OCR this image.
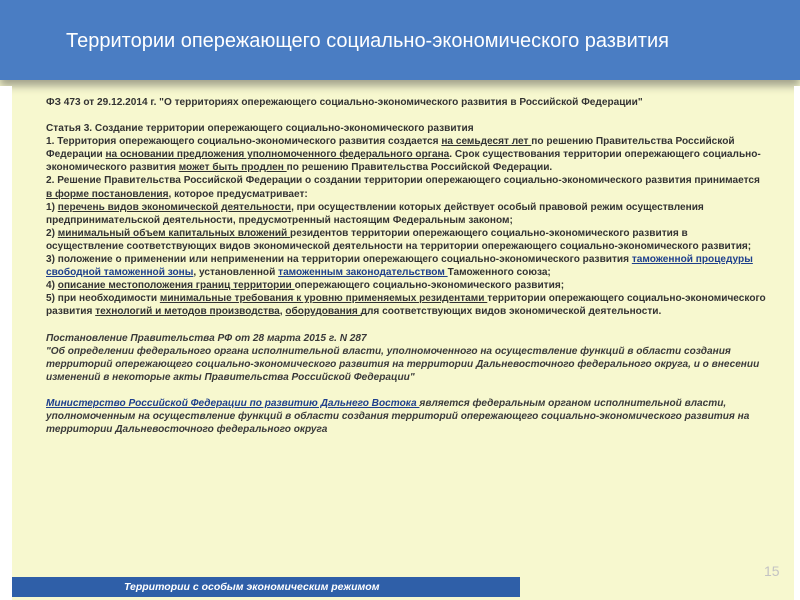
Территории опережающего социально-экономического развития

ФЗ 473 от 29.12.2014 г. "О территориях опережающего социально-экономического развития в Российской Федерации"

Статья 3. Создание территории опережающего социально-экономического развития

1. Территория опережающего социально-экономического развития создается на семьдесят лет по решению Правительства Российской Федерации на основании предложения уполномоченного федерального органа. Срок существования территории опережающего социально-экономического развития может быть продлен по решению Правительства Российской Федерации.

2. Решение Правительства Российской Федерации о создании территории опережающего социально-экономического развития принимается в форме постановления, которое предусматривает:

1) перечень видов экономической деятельности, при осуществлении которых действует особый правовой режим осуществления предпринимательской деятельности, предусмотренный настоящим Федеральным законом;

2) минимальный объем капитальных вложений резидентов территории опережающего социально-экономического развития в осуществление соответствующих видов экономической деятельности на территории опережающего социально-экономического развития;

3) положение о применении или неприменении на территории опережающего социально-экономического развития таможенной процедуры свободной таможенной зоны, установленной таможенным законодательством Таможенного союза;

4) описание местоположения границ территории опережающего социально-экономического развития;

5) при необходимости минимальные требования к уровню применяемых резидентами территории опережающего социально-экономического развития технологий и методов производства, оборудования для соответствующих видов экономической деятельности.

Постановление Правительства РФ от 28 марта 2015 г. N 287

"Об определении федерального органа исполнительной власти, уполномоченного на осуществление функций в области создания территорий опережающего социально-экономического развития на территории Дальневосточного федерального округа, и о внесении изменений в некоторые акты Правительства Российской Федерации"

Министерство Российской Федерации по развитию Дальнего Востока является федеральным органом исполнительной власти, уполномоченным на осуществление функций в области создания территорий опережающего социально-экономического развития на территории Дальневосточного федерального округа

Территории с особым экономическим режимом
15
